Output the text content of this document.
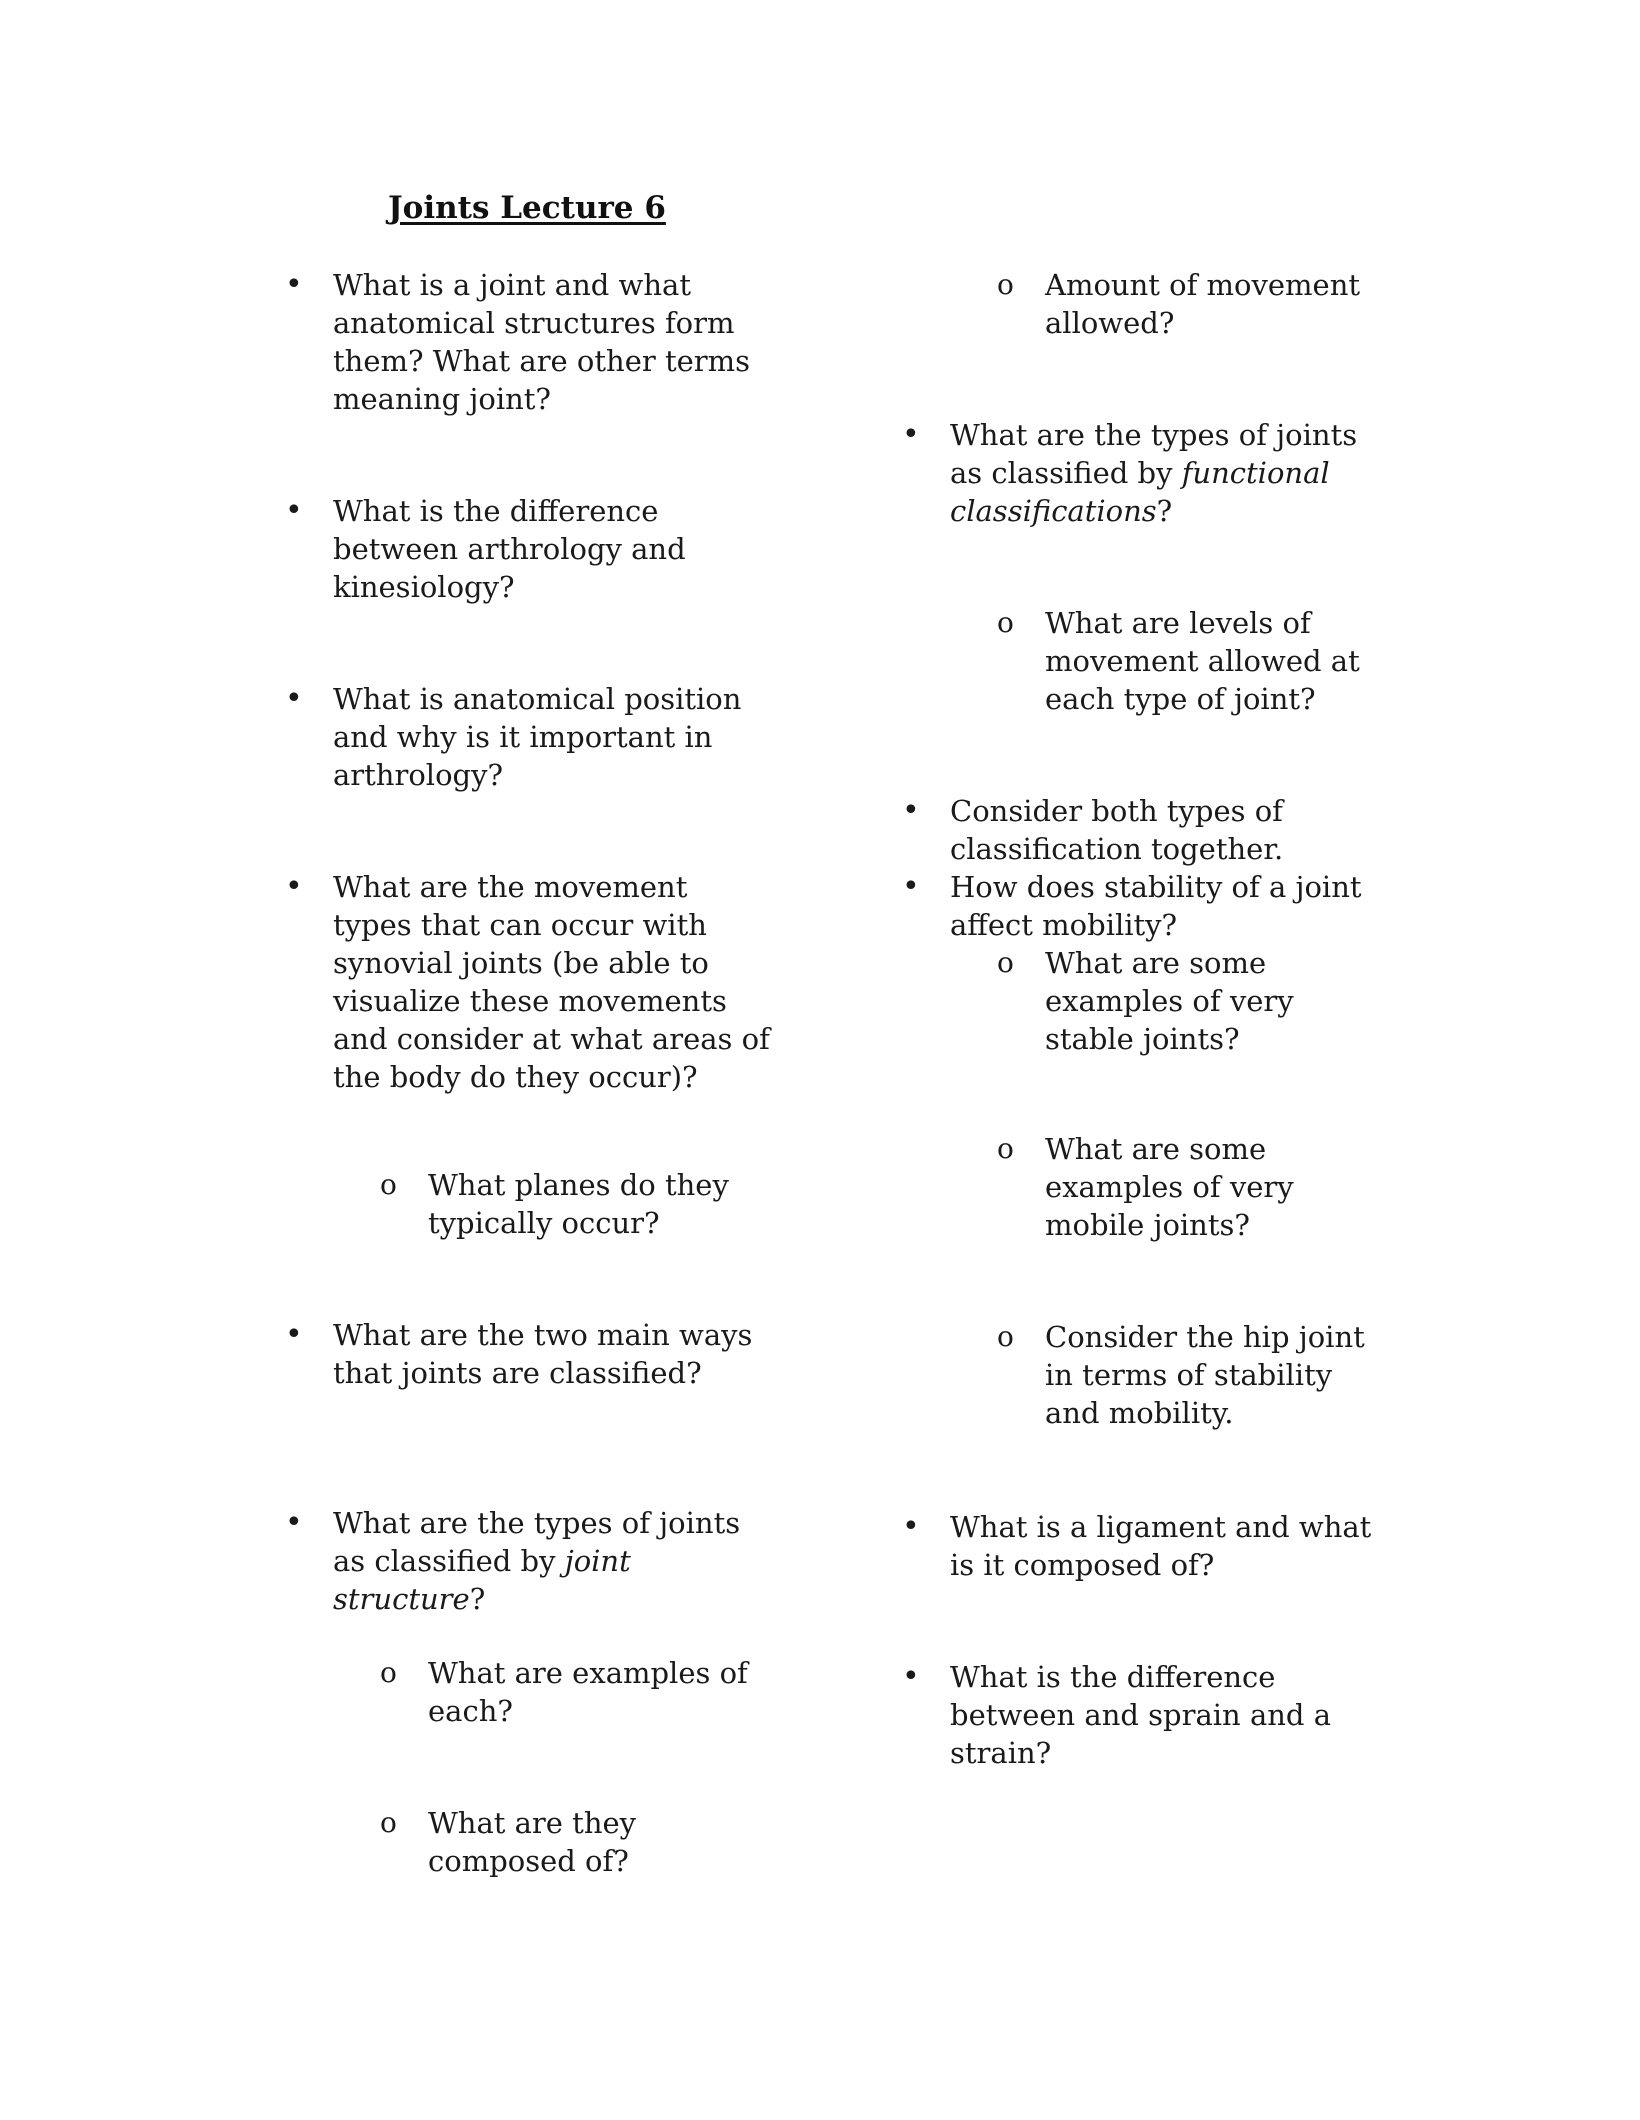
Joints Lecture 6
• What is a joint and what anatomical structures form them? What are other terms meaning joint?
• What is the difference between arthrology and kinesiology?
• What is anatomical position and why is it important in arthrology?
• What are the movement types that can occur with synovial joints (be able to visualize these movements and consider at what areas of the body do they occur)?
o What planes do they typically occur?
• What are the two main ways that joints are classified?
• What are the types of joints as classified by joint structure?
o What are examples of each?
o What are they composed of?
o Amount of movement allowed?
• What are the types of joints as classified by functional classifications?
o What are levels of movement allowed at each type of joint?
• Consider both types of classification together.
• How does stability of a joint affect mobility?
o What are some examples of very stable joints?
o What are some examples of very mobile joints?
o Consider the hip joint in terms of stability and mobility.
• What is a ligament and what is it composed of?
• What is the difference between and sprain and a strain?
